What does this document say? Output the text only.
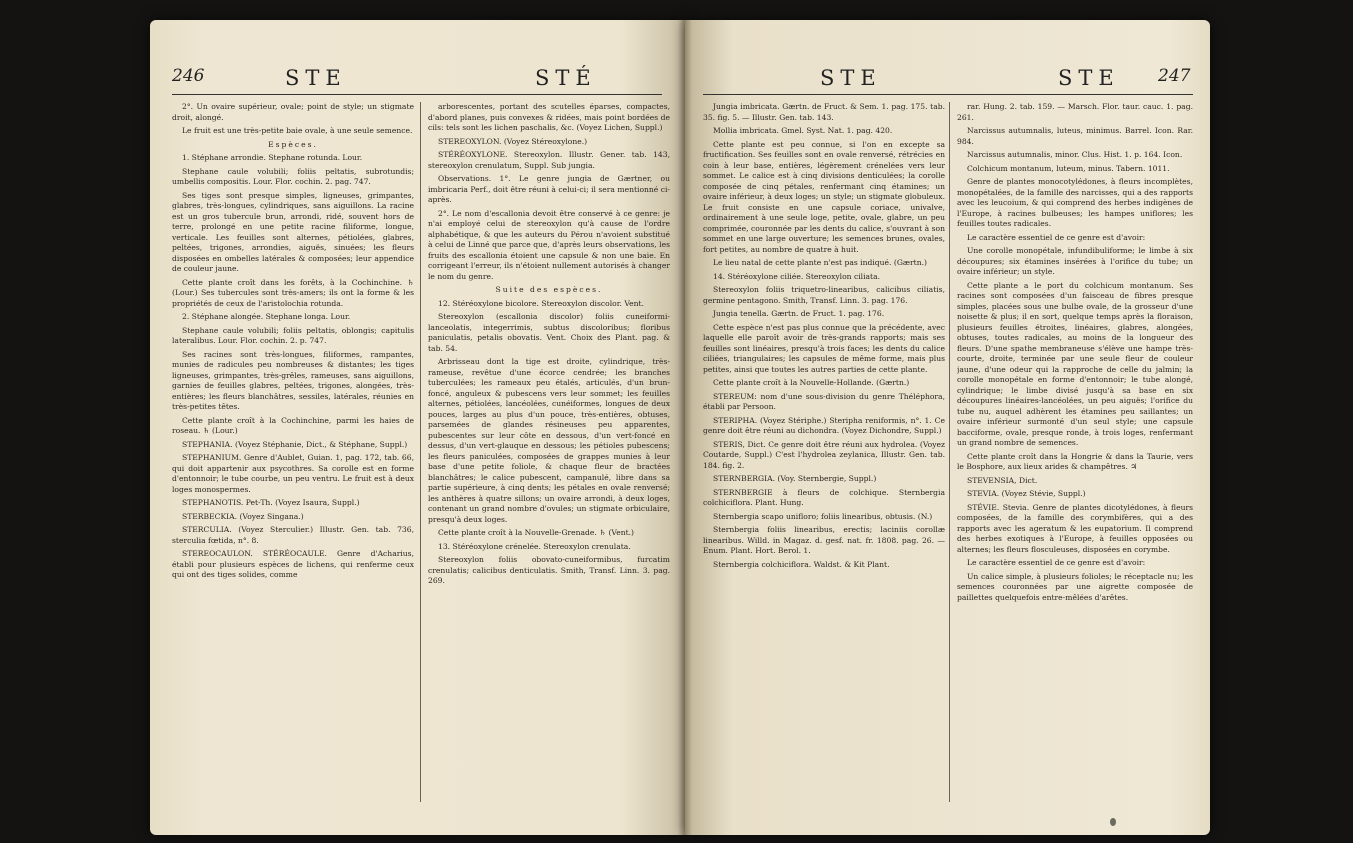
246	STE	STÉ

2°. Un ovaire supérieur, ovale; point de style; un stigmate droit, alongé.

Le fruit est une très-petite baie ovale, à une seule semence.

Espèces.

1. Stéphane arrondie. Stephane rotunda. Lour.

Stephane caule volubili; foliis peltatis, subrotundis; umbellis compositis. Lour. Flor. cochin. 2. pag. 747.

Ses tiges sont presque simples, ligneuses, grimpantes, glabres, très-longues, cylindriques, sans aiguillons. La racine est un gros tubercule brun, arrondi, ridé, souvent hors de terre, prolongé en une petite racine filiforme, longue, verticale. Les feuilles sont alternes, pétiolées, glabres, peltées, trigones, arrondies, aiguës, sinuées; les fleurs disposées en ombelles latérales & composées; leur appendice de couleur jaune.

Cette plante croît dans les forêts, à la Cochinchine. ♄ (Lour.) Ses tubercules sont très-amers; ils ont la forme & les propriétés de ceux de l'aristolochia rotunda.

2. Stéphane alongée. Stephane longa. Lour.

Stephane caule volubili; foliis peltatis, oblongis; capitulis lateralibus. Lour. Flor. cochin. 2. p. 747.

Ses racines sont très-longues, filiformes, rampantes, munies de radicules peu nombreuses & distantes; les tiges ligneuses, grimpantes, très-grêles, rameuses, sans aiguillons, garnies de feuilles glabres, peltées, trigones, alongées, très-entières; les fleurs blanchâtres, sessiles, latérales, réunies en très-petites têtes.

Cette plante croît à la Cochinchine, parmi les haies de roseau. ♄ (Lour.)

STEPHANIA. (Voyez Stéphanie, Dict., & Stéphane, Suppl.)

STEPHANIUM. Genre d'Aublet, Guian. 1, pag. 172, tab. 66, qui doit appartenir aux psycothres. Sa corolle est en forme d'entonnoir; le tube courbe, un peu ventru. Le fruit est à deux loges monospermes.

STEPHANOTIS. Pet-Th. (Voyez Isaura, Suppl.)

STERBECKIA. (Voyez Singana.)

STERCULIA. (Voyez Sterculier.) Illustr. Gen. tab. 736, sterculia fœtida, n°. 8.

STEREOCAULON. STÉRÉOCAULE. Genre d'Acharius, établi pour plusieurs espèces de lichens, qui renferme ceux qui ont des tiges solides, comme

arborescentes, portant des scutelles éparses, compactes, d'abord planes, puis convexes & ridées, mais point bordées de cils: tels sont les lichen paschalis, &c. (Voyez Lichen, Suppl.)

STEREOXYLON. (Voyez Stéreoxylone.)

STÉRÉOXYLONE. Stereoxylon. Illustr. Gener. tab. 143, stereoxylon crenulatum, Suppl. Sub jungia.

Observations. 1°. Le genre jungia de Gærtner, ou imbricaria Perf., doit être réuni à celui-ci; il sera mentionné ci-après.

2°. Le nom d'escallonia devoit être conservé à ce genre: je n'ai employé celui de stereoxylon qu'à cause de l'ordre alphabétique, & que les auteurs du Pérou n'avoient substitué à celui de Linné que parce que, d'après leurs observations, les fruits des escallonia étoient une capsule & non une baie. En corrigeant l'erreur, ils n'étoient nullement autorisés à changer le nom du genre.

Suite des espèces.

12. Stéréoxylone bicolore. Stereoxylon discolor. Vent.

Stereoxylon (escallonia discolor) foliis cuneiformi-lanceolatis, integerrimis, subtus discoloribus; floribus paniculatis, petalis obovatis. Vent. Choix des Plant. pag. & tab. 54.

Arbrisseau dont la tige est droite, cylindrique, très-rameuse, revêtue d'une écorce cendrée; les branches tuberculées; les rameaux peu étalés, articulés, d'un brun-foncé, anguleux & pubescens vers leur sommet; les feuilles alternes, pétiolées, lancéolées, cunéiformes, longues de deux pouces, larges au plus d'un pouce, très-entières, obtuses, parsemées de glandes résineuses peu apparentes, pubescentes sur leur côte en dessous, d'un vert-foncé en dessus, d'un vert-glauque en dessous; les pétioles pubescens; les fleurs paniculées, composées de grappes munies à leur base d'une petite foliole, & chaque fleur de bractées blanchâtres; le calice pubescent, campanulé, libre dans sa partie supérieure, à cinq dents; les pétales en ovale renversé; les anthères à quatre sillons; un ovaire arrondi, à deux loges, contenant un grand nombre d'ovules; un stigmate orbiculaire, presqu'à deux loges.

Cette plante croît à la Nouvelle-Grenade. ♄ (Vent.)

13. Stéréoxylone crénelée. Stereoxylon crenulata.

Stereoxylon foliis obovato-cuneiformibus, furcatim crenulatis; calicibus denticulatis. Smith, Transf. Linn. 3. pag. 269.

STE	STE 247

Jungia imbricata. Gærtn. de Fruct. & Sem. 1. pag. 175. tab. 35. fig. 5. — Illustr. Gen. tab. 143.

Mollia imbricata. Gmel. Syst. Nat. 1. pag. 420.

Cette plante est peu connue, si l'on en excepte sa fructification. Ses feuilles sont en ovale renversé, rétrécies en coin à leur base, entières, légèrement crénelées vers leur sommet. Le calice est à cinq divisions denticulées; la corolle composée de cinq pétales, renfermant cinq étamines; un ovaire inférieur, à deux loges; un style; un stigmate globuleux. Le fruit consiste en une capsule coriace, univalve, ordinairement à une seule loge, petite, ovale, glabre, un peu comprimée, couronnée par les dents du calice, s'ouvrant à son sommet en une large ouverture; les semences brunes, ovales, fort petites, au nombre de quatre à huit.

Le lieu natal de cette plante n'est pas indiqué. (Gærtn.)

14. Stéréoxylone ciliée. Stereoxylon ciliata.

Stereoxylon foliis triquetro-linearibus, calicibus ciliatis, germine pentagono. Smith, Transf. Linn. 3. pag. 176.

Jungia tenella. Gærtn. de Fruct. 1. pag. 176.

Cette espèce n'est pas plus connue que la précédente, avec laquelle elle paroît avoir de très-grands rapports; mais ses feuilles sont linéaires, presqu'à trois faces; les dents du calice ciliées, triangulaires; les capsules de même forme, mais plus petites, ainsi que toutes les autres parties de cette plante.

Cette plante croît à la Nouvelle-Hollande. (Gærtn.)

STEREUM: nom d'une sous-division du genre Théléphora, établi par Persoon.

STERIPHA. (Voyez Stériphe.) Steripha reniformis, n°. 1. Ce genre doit être réuni au dichondra. (Voyez Dichondre, Suppl.)

STERIS, Dict. Ce genre doit être réuni aux hydrolea. (Voyez Coutarde, Suppl.) C'est l'hydrolea zeylanica, Illustr. Gen. tab. 184. fig. 2.

STERNBERGIA. (Voy. Sternbergie, Suppl.)

STERNBERGIE à fleurs de colchique. Sternbergia colchiciflora. Plant. Hung.

Sternbergia scapo unifloro; foliis linearibus, obtusis. (N.)

Sternbergia foliis linearibus, erectis; laciniis corollæ linearibus. Willd. in Magaz. d. gesf. nat. fr. 1808. pag. 26. — Enum. Plant. Hort. Berol. 1.

Sternbergia colchiciflora. Waldst. & Kit Plant.

rar. Hung. 2. tab. 159. — Marsch. Flor. taur. cauc. 1. pag. 261.

Narcissus autumnalis, luteus, minimus. Barrel. Icon. Rar. 984.

Narcissus autumnalis, minor. Clus. Hist. 1. p. 164. Icon.

Colchicum montanum, luteum, minus. Tabern. 1011.

Genre de plantes monocotylédones, à fleurs incomplètes, monopétalées, de la famille des narcisses, qui a des rapports avec les leucoium, & qui comprend des herbes indigènes de l'Europe, à racines bulbeuses; les hampes uniflores; les feuilles toutes radicales.

Le caractère essentiel de ce genre est d'avoir:

Une corolle monopétale, infundibuliforme; le limbe à six découpures; six étamines insérées à l'orifice du tube; un ovaire inférieur; un style.

Cette plante a le port du colchicum montanum. Ses racines sont composées d'un faisceau de fibres presque simples, placées sous une bulbe ovale, de la grosseur d'une noisette & plus; il en sort, quelque temps après la floraison, plusieurs feuilles étroites, linéaires, glabres, alongées, obtuses, toutes radicales, au moins de la longueur des fleurs. D'une spathe membraneuse s'élève une hampe très-courte, droite, terminée par une seule fleur de couleur jaune, d'une odeur qui la rapproche de celle du jalmin; la corolle monopétale en forme d'entonnoir; le tube alongé, cylindrique; le limbe divisé jusqu'à sa base en six découpures linéaires-lancéolées, un peu aiguës; l'orifice du tube nu, auquel adhèrent les étamines peu saillantes; un ovaire inférieur surmonté d'un seul style; une capsule bacciforme, ovale, presque ronde, à trois loges, renfermant un grand nombre de semences.

Cette plante croît dans la Hongrie & dans la Taurie, vers le Bosphore, aux lieux arides & champêtres. ♃

STEVENSIA, Dict.

STEVIA. (Voyez Stévie, Suppl.)

STÉVIE. Stevia. Genre de plantes dicotylédones, à fleurs composées, de la famille des corymbifères, qui a des rapports avec les ageratum & les eupatorium. Il comprend des herbes exotiques à l'Europe, à feuilles opposées ou alternes; les fleurs flosculeuses, disposées en corymbe.

Le caractère essentiel de ce genre est d'avoir:

Un calice simple, à plusieurs folioles; le réceptacle nu; les semences couronnées par une aigrette composée de paillettes quelquefois entre-mêlées d'arêtes.
